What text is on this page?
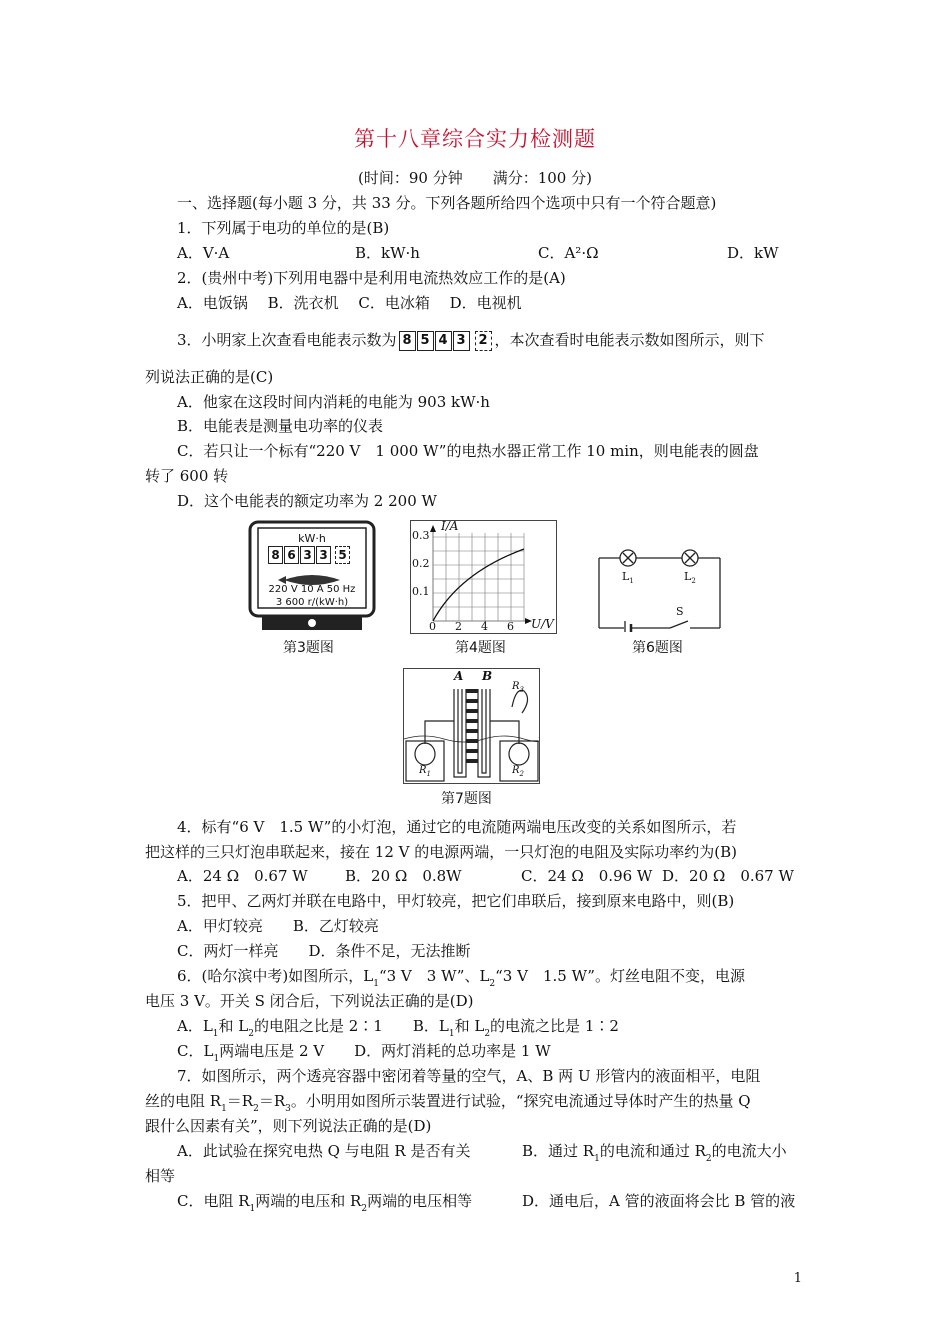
第十八章综合实力检测题
(时间：90 分钟　　满分：100 分)
一、选择题(每小题 3 分，共 33 分。下列各题所给四个选项中只有一个符合题意)
1．下列属于电功的单位的是(B)
A．V·A	B．kW·h	C．A²·Ω	D．kW
2．(贵州中考)下列用电器中是利用电流热效应工作的是(A)
A．电饭锅　 B．洗衣机　 C．电冰箱　 D．电视机
3．小明家上次查看电能表示数为 8 5 4 3 2 ，本次查看时电能表示数如图所示，则下
列说法正确的是(C)
A．他家在这段时间内消耗的电能为 903 kW·h
B．电能表是测量电功率的仪表
C．若只让一个标有“220 V　1 000 W”的电热水器正常工作 10 min，则电能表的圆盘
转了 600 转
D．这个电能表的额定功率为 2 200 W
kW·h
8 6 3 3 5
220 V 10 A 50 Hz
3 600 r/(kW·h)
第3题图
I/A
U/V
0.3
0.2
0.1
0 2 4 6
第4题图
$L_1$	$L_2$
S
第6题图
A B
$R_1$	$R_2$
$R_3$
第7题图
4．标有“6 V　1.5 W”的小灯泡，通过它的电流随两端电压改变的关系如图所示，若
把这样的三只灯泡串联起来，接在 12 V 的电源两端，一只灯泡的电阻及实际功率约为(B)
A．24 Ω　0.67 W B．20 Ω　0.8W	C．24 Ω　0.96 W D．20 Ω　0.67 W
5．把甲、乙两灯并联在电路中，甲灯较亮，把它们串联后，接到原来电路中，则(B)
A．甲灯较亮　　B．乙灯较亮
C．两灯一样亮　　D．条件不足，无法推断
6．(哈尔滨中考)如图所示，$L_1“3$ V　3 W”、$L_2“3$ V　1.5 W”。灯丝电阻不变，电源
电压 3 V。开关 S 闭合后，下列说法正确的是(D)
A．$L_1$和 $L_2$的电阻之比是 2∶1　　B．$L_1$和 $L_2$的电流之比是 1∶2
C．$L_1$两端电压是 2 V　　D．两灯消耗的总功率是 1 W
7．如图所示，两个透亮容器中密闭着等量的空气，A、B 两 U 形管内的液面相平，电阻
丝的电阻 $R_1=R_2=R_3$。小明用如图所示装置进行试验，“探究电流通过导体时产生的热量 Q
跟什么因素有关”，则下列说法正确的是(D)
A．此试验在探究电热 Q 与电阻 R 是否有关	B．通过 $R_1$的电流和通过 $R_2$的电流大小
相等
C．电阻 $R_1$两端的电压和 $R_2$两端的电压相等	D．通电后，A 管的液面将会比 B 管的液
1
